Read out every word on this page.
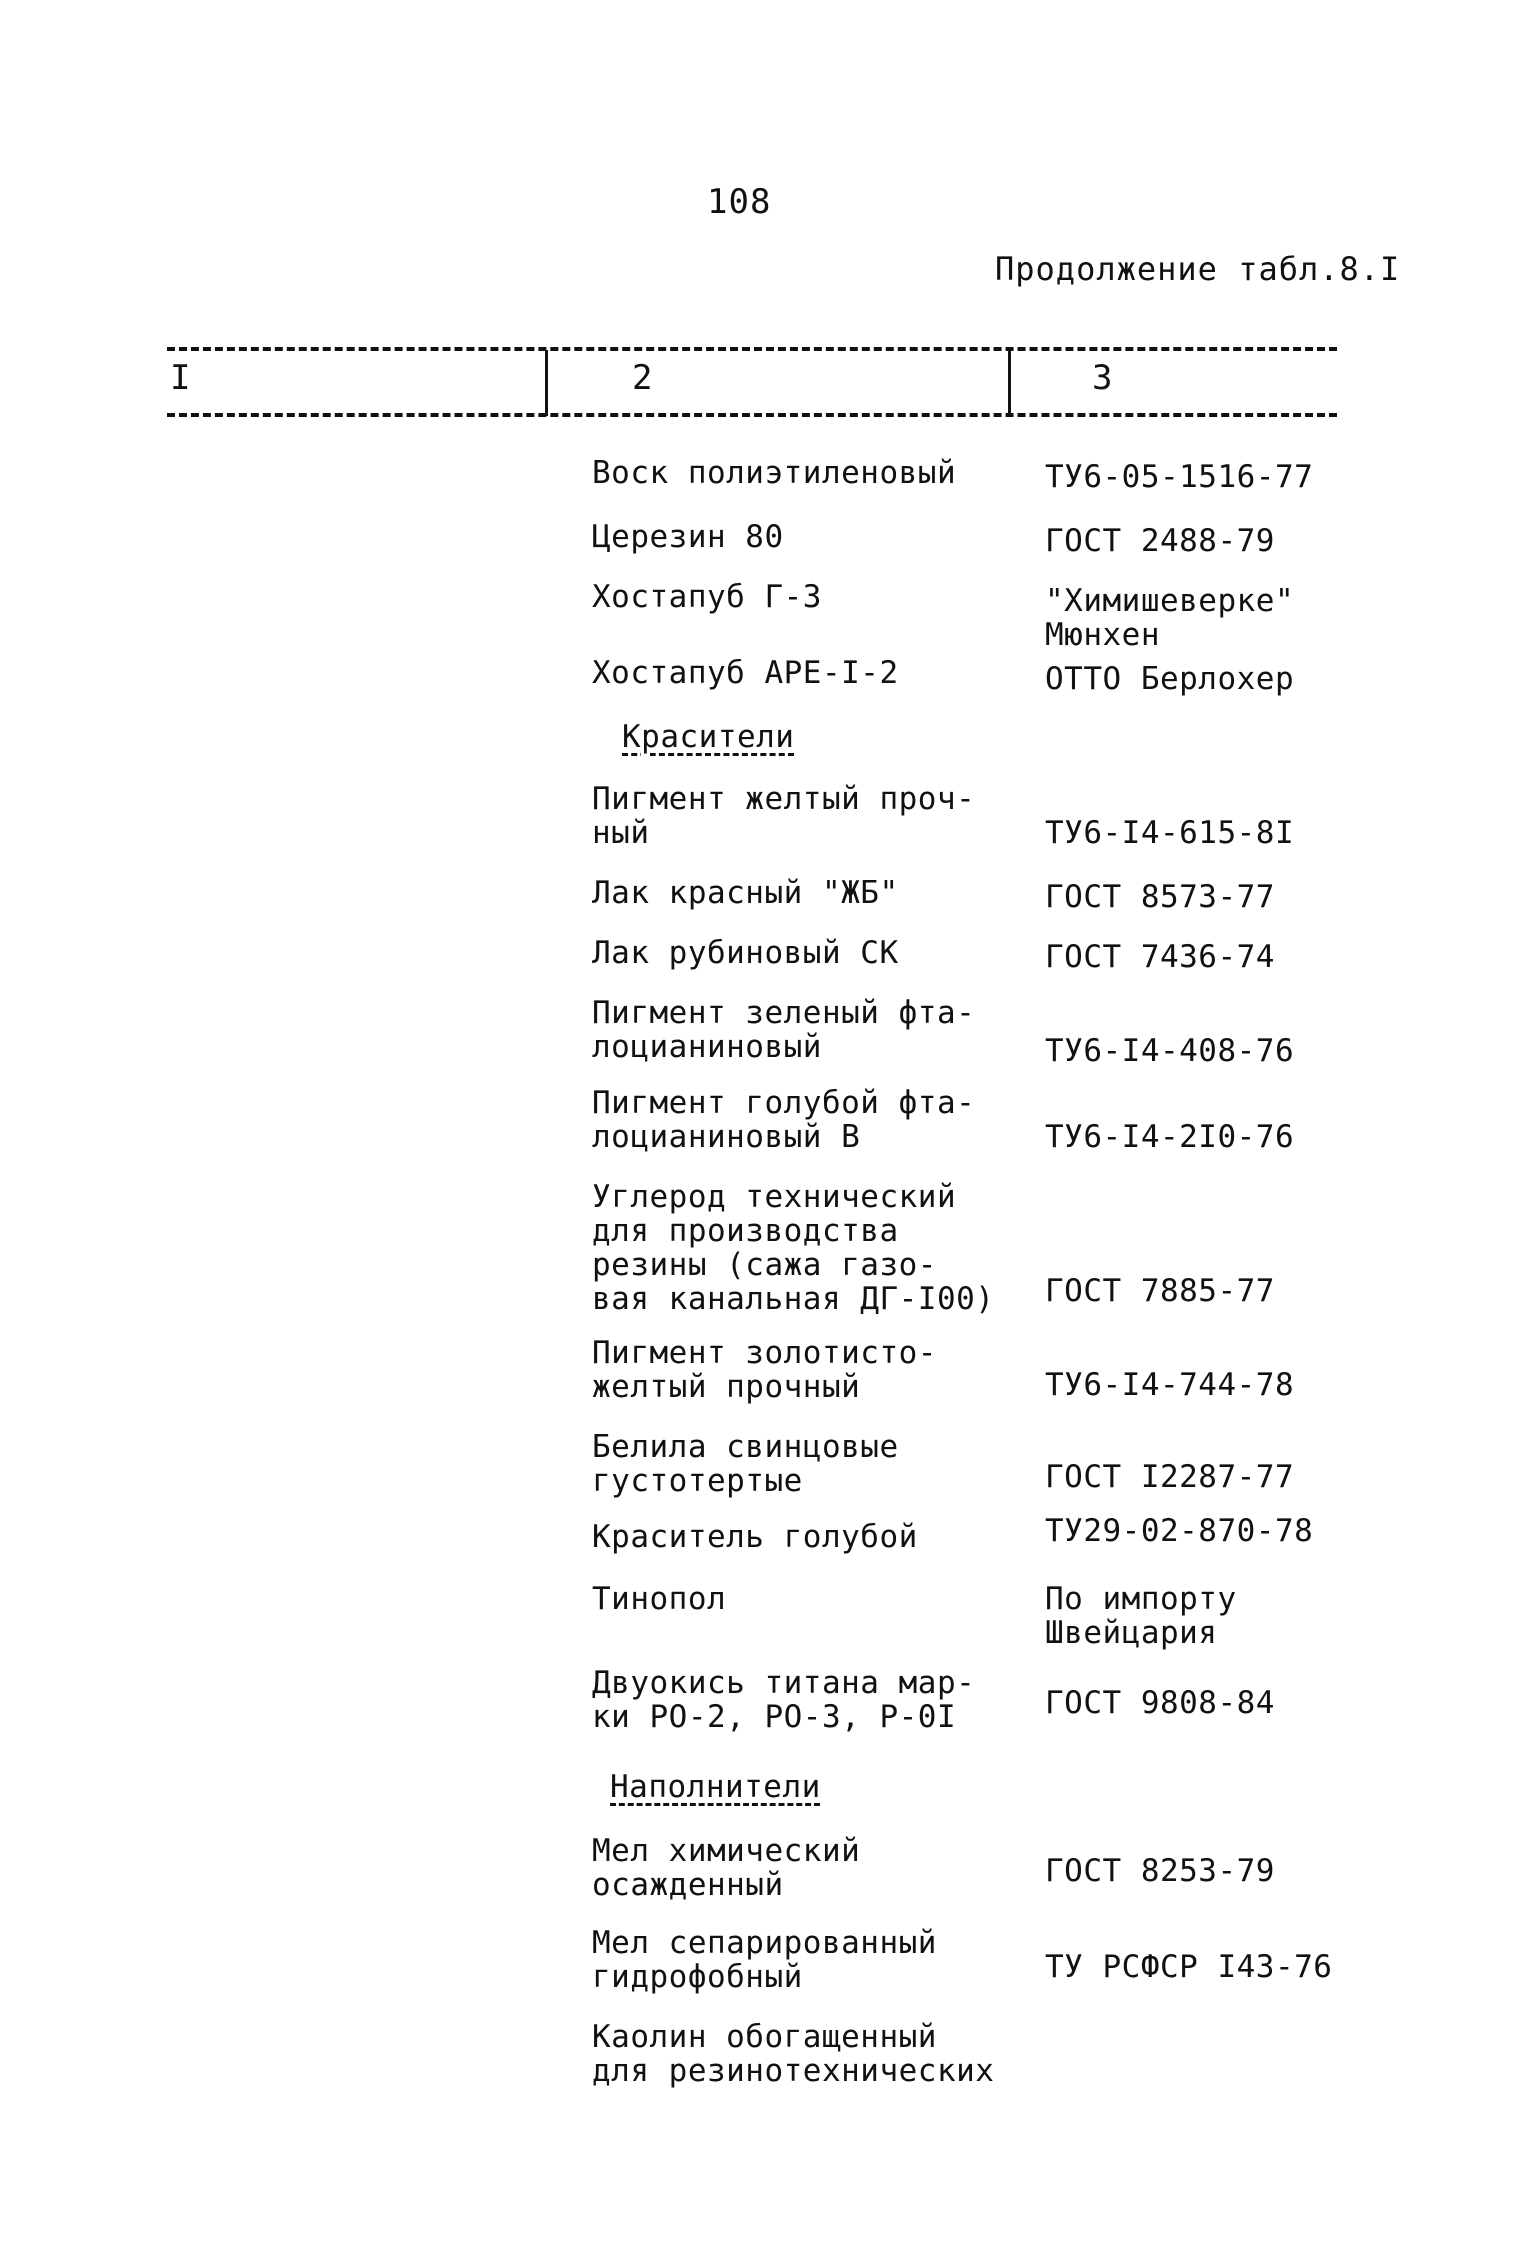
108
Продолжение табл.8.I
I	2	3
Воск полиэтиленовый	ТУ6-05-1516-77
Церезин 80	ГОСТ 2488-79
Хостапуб Г-3	"Химишеверке"
Мюнхен
Хостапуб АРЕ-I-2	ОТТО Берлохер
Красители
Пигмент желтый проч-
ный	ТУ6-I4-615-8I
Лак красный "ЖБ"	ГОСТ 8573-77
Лак рубиновый СК	ГОСТ 7436-74
Пигмент зеленый фта-
лоцианиновый	ТУ6-I4-408-76
Пигмент голубой фта-
лоцианиновый В	ТУ6-I4-2I0-76
Углерод технический
для производства
резины (сажа газо-
вая канальная ДГ-I00)	ГОСТ 7885-77
Пигмент золотисто-
желтый прочный	ТУ6-I4-744-78
Белила свинцовые
густотертые	ГОСТ I2287-77
Краситель голубой	ТУ29-02-870-78
Тинопол	По импорту
Швейцария
Двуокись титана мар-
ки РО-2, РО-3, Р-0I	ГОСТ 9808-84
Наполнители
Мел химический
осажденный	ГОСТ 8253-79
Мел сепарированный
гидрофобный	ТУ РСФСР I43-76
Каолин обогащенный
для резинотехнических
